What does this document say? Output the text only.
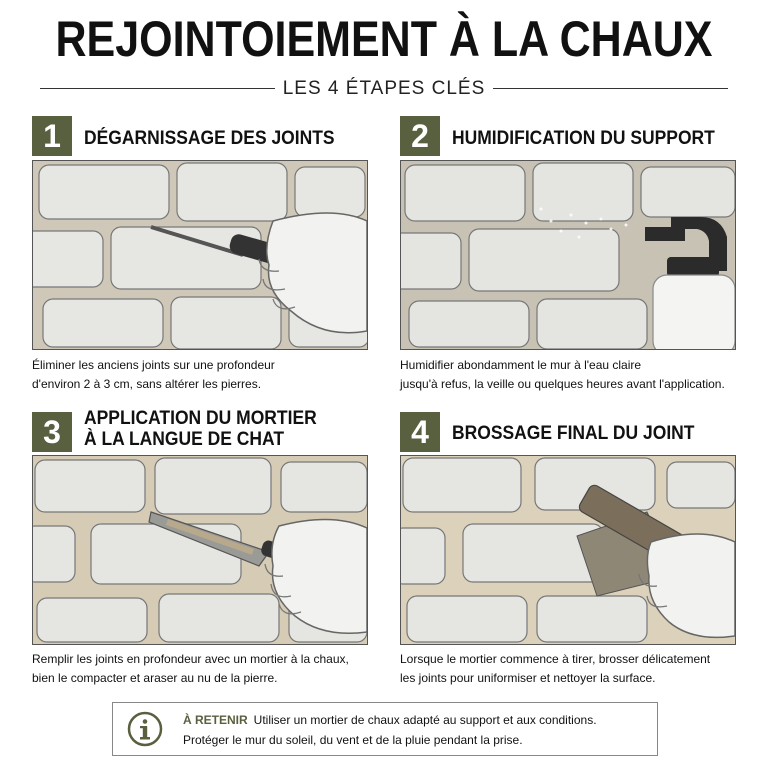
REJOINTOIEMENT À LA CHAUX
LES 4 ÉTAPES CLÉS
1	DÉGARNISSAGE DES JOINTS
Éliminer les anciens joints sur une profondeur
d'environ 2 à 3 cm, sans altérer les pierres.
2	HUMIDIFICATION DU SUPPORT
Humidifier abondamment le mur à l'eau claire
jusqu'à refus, la veille ou quelques heures avant l'application.
3	APPLICATION DU MORTIER
À LA LANGUE DE CHAT
Remplir les joints en profondeur avec un mortier à la chaux,
bien le compacter et araser au nu de la pierre.
4	BROSSAGE FINAL DU JOINT
Lorsque le mortier commence à tirer, brosser délicatement
les joints pour uniformiser et nettoyer la surface.
À RETENIR Utiliser un mortier de chaux adapté au support et aux conditions.
Protéger le mur du soleil, du vent et de la pluie pendant la prise.
